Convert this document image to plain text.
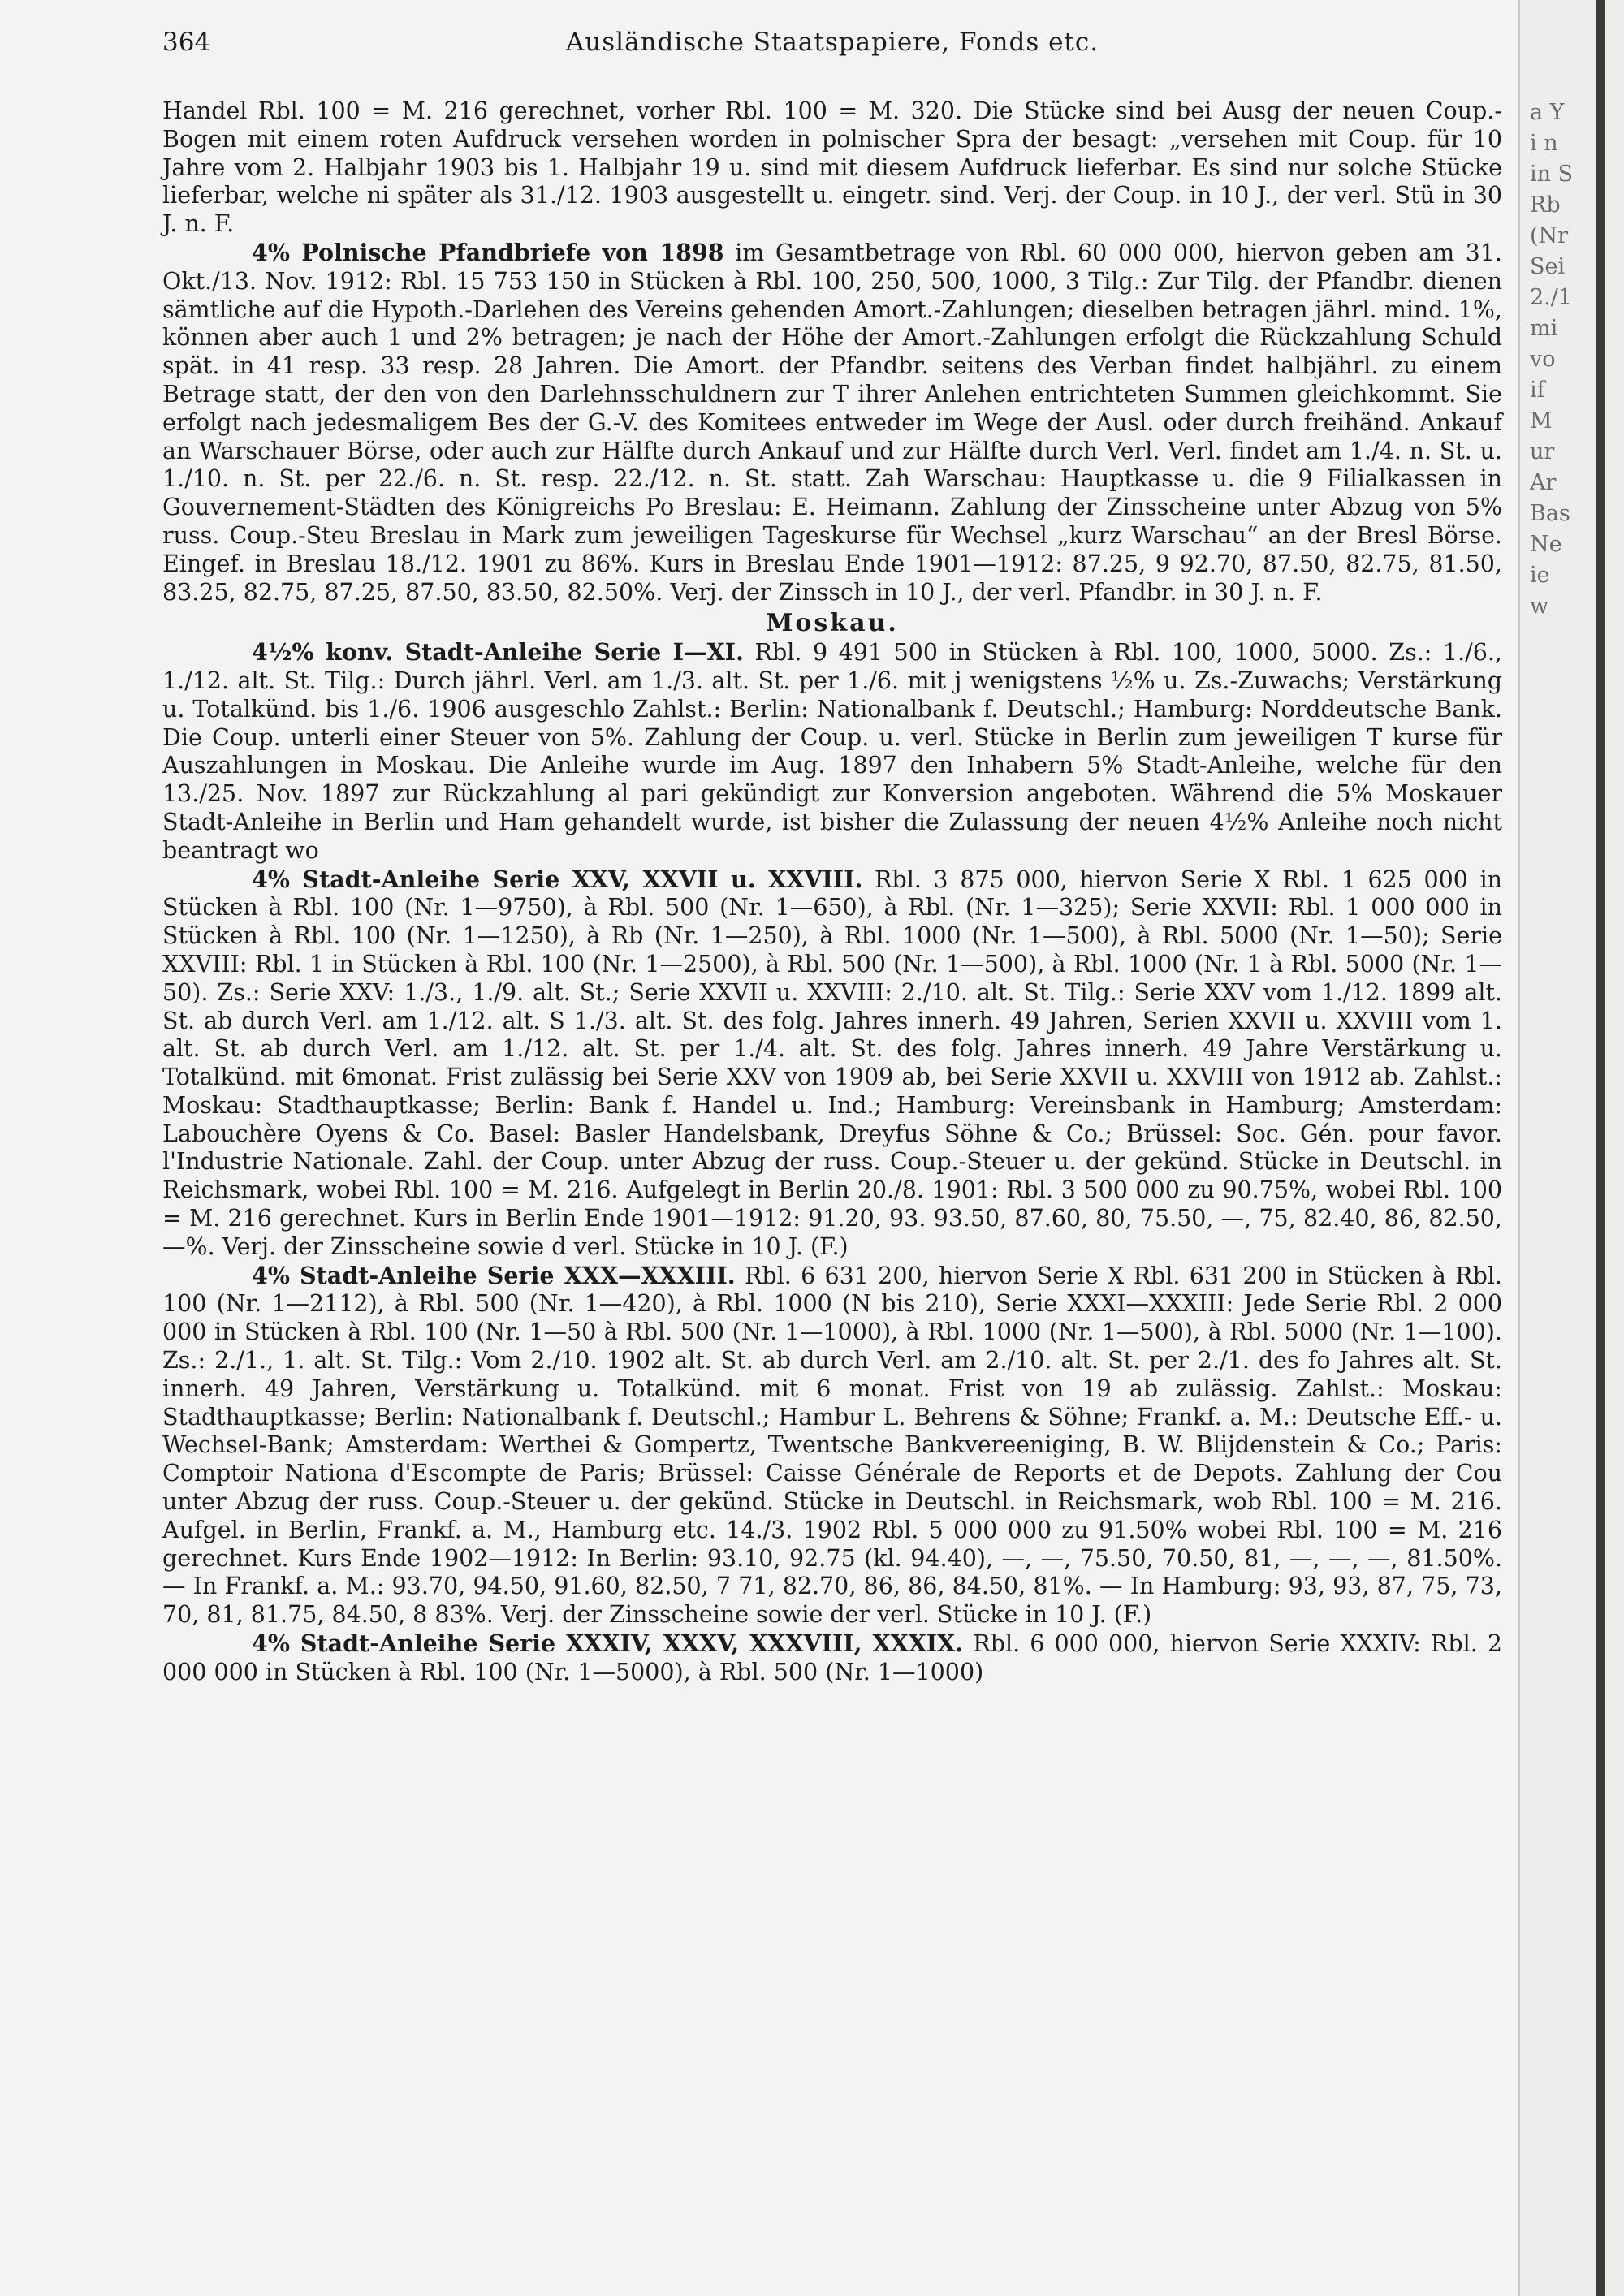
a Y
i n
in S
Rb
(Nr
Sei
2./1
mi
vo
if
M
ur
Ar
Bas
Ne
ie
w
364	Ausländische Staatspapiere, Fonds etc.

Handel Rbl. 100 = M. 216 gerechnet, vorher Rbl. 100 = M. 320. Die Stücke sind bei Ausg der neuen Coup.-Bogen mit einem roten Aufdruck versehen worden in polnischer Spra der besagt: „versehen mit Coup. für 10 Jahre vom 2. Halbjahr 1903 bis 1. Halbjahr 19 u. sind mit diesem Aufdruck lieferbar. Es sind nur solche Stücke lieferbar, welche ni später als 31./12. 1903 ausgestellt u. eingetr. sind. Verj. der Coup. in 10 J., der verl. Stü in 30 J. n. F.

4% Polnische Pfandbriefe von 1898 im Gesamtbetrage von Rbl. 60 000 000, hiervon geben am 31. Okt./13. Nov. 1912: Rbl. 15 753 150 in Stücken à Rbl. 100, 250, 500, 1000, 3 Tilg.: Zur Tilg. der Pfandbr. dienen sämtliche auf die Hypoth.-Darlehen des Vereins gehenden Amort.-Zahlungen; dieselben betragen jährl. mind. 1%, können aber auch 1 und 2% betragen; je nach der Höhe der Amort.-Zahlungen erfolgt die Rückzahlung Schuld spät. in 41 resp. 33 resp. 28 Jahren. Die Amort. der Pfandbr. seitens des Verban findet halbjährl. zu einem Betrage statt, der den von den Darlehnsschuldnern zur T ihrer Anlehen entrichteten Summen gleichkommt. Sie erfolgt nach jedesmaligem Bes der G.-V. des Komitees entweder im Wege der Ausl. oder durch freihänd. Ankauf an Warschauer Börse, oder auch zur Hälfte durch Ankauf und zur Hälfte durch Verl. Verl. findet am 1./4. n. St. u. 1./10. n. St. per 22./6. n. St. resp. 22./12. n. St. statt. Zah Warschau: Hauptkasse u. die 9 Filialkassen in Gouvernement-Städten des Königreichs Po Breslau: E. Heimann. Zahlung der Zinsscheine unter Abzug von 5% russ. Coup.-Steu Breslau in Mark zum jeweiligen Tageskurse für Wechsel „kurz Warschau“ an der Bresl Börse. Eingef. in Breslau 18./12. 1901 zu 86%. Kurs in Breslau Ende 1901—1912: 87.25, 9 92.70, 87.50, 82.75, 81.50, 83.25, 82.75, 87.25, 87.50, 83.50, 82.50%. Verj. der Zinssch in 10 J., der verl. Pfandbr. in 30 J. n. F.

Moskau.

4½% konv. Stadt-Anleihe Serie I—XI. Rbl. 9 491 500 in Stücken à Rbl. 100, 1000, 5000. Zs.: 1./6., 1./12. alt. St. Tilg.: Durch jährl. Verl. am 1./3. alt. St. per 1./6. mit j wenigstens ½% u. Zs.-Zuwachs; Verstärkung u. Totalkünd. bis 1./6. 1906 ausgeschlo Zahlst.: Berlin: Nationalbank f. Deutschl.; Hamburg: Norddeutsche Bank. Die Coup. unterli einer Steuer von 5%. Zahlung der Coup. u. verl. Stücke in Berlin zum jeweiligen T kurse für Auszahlungen in Moskau. Die Anleihe wurde im Aug. 1897 den Inhabern 5% Stadt-Anleihe, welche für den 13./25. Nov. 1897 zur Rückzahlung al pari gekündigt zur Konversion angeboten. Während die 5% Moskauer Stadt-Anleihe in Berlin und Ham gehandelt wurde, ist bisher die Zulassung der neuen 4½% Anleihe noch nicht beantragt wo

4% Stadt-Anleihe Serie XXV, XXVII u. XXVIII. Rbl. 3 875 000, hiervon Serie X Rbl. 1 625 000 in Stücken à Rbl. 100 (Nr. 1—9750), à Rbl. 500 (Nr. 1—650), à Rbl. (Nr. 1—325); Serie XXVII: Rbl. 1 000 000 in Stücken à Rbl. 100 (Nr. 1—1250), à Rb (Nr. 1—250), à Rbl. 1000 (Nr. 1—500), à Rbl. 5000 (Nr. 1—50); Serie XXVIII: Rbl. 1 in Stücken à Rbl. 100 (Nr. 1—2500), à Rbl. 500 (Nr. 1—500), à Rbl. 1000 (Nr. 1 à Rbl. 5000 (Nr. 1—50). Zs.: Serie XXV: 1./3., 1./9. alt. St.; Serie XXVII u. XXVIII: 2./10. alt. St. Tilg.: Serie XXV vom 1./12. 1899 alt. St. ab durch Verl. am 1./12. alt. S 1./3. alt. St. des folg. Jahres innerh. 49 Jahren, Serien XXVII u. XXVIII vom 1. alt. St. ab durch Verl. am 1./12. alt. St. per 1./4. alt. St. des folg. Jahres innerh. 49 Jahre Verstärkung u. Totalkünd. mit 6monat. Frist zulässig bei Serie XXV von 1909 ab, bei Serie XXVII u. XXVIII von 1912 ab. Zahlst.: Moskau: Stadthauptkasse; Berlin: Bank f. Handel u. Ind.; Hamburg: Vereinsbank in Hamburg; Amsterdam: Labouchère Oyens & Co. Basel: Basler Handelsbank, Dreyfus Söhne & Co.; Brüssel: Soc. Gén. pour favor. l'Industrie Nationale. Zahl. der Coup. unter Abzug der russ. Coup.-Steuer u. der gekünd. Stücke in Deutschl. in Reichsmark, wobei Rbl. 100 = M. 216. Aufgelegt in Berlin 20./8. 1901: Rbl. 3 500 000 zu 90.75%, wobei Rbl. 100 = M. 216 gerechnet. Kurs in Berlin Ende 1901—1912: 91.20, 93. 93.50, 87.60, 80, 75.50, —, 75, 82.40, 86, 82.50, —%. Verj. der Zinsscheine sowie d verl. Stücke in 10 J. (F.)

4% Stadt-Anleihe Serie XXX—XXXIII. Rbl. 6 631 200, hiervon Serie X Rbl. 631 200 in Stücken à Rbl. 100 (Nr. 1—2112), à Rbl. 500 (Nr. 1—420), à Rbl. 1000 (N bis 210), Serie XXXI—XXXIII: Jede Serie Rbl. 2 000 000 in Stücken à Rbl. 100 (Nr. 1—50 à Rbl. 500 (Nr. 1—1000), à Rbl. 1000 (Nr. 1—500), à Rbl. 5000 (Nr. 1—100). Zs.: 2./1., 1. alt. St. Tilg.: Vom 2./10. 1902 alt. St. ab durch Verl. am 2./10. alt. St. per 2./1. des fo Jahres alt. St. innerh. 49 Jahren, Verstärkung u. Totalkünd. mit 6 monat. Frist von 19 ab zulässig. Zahlst.: Moskau: Stadthauptkasse; Berlin: Nationalbank f. Deutschl.; Hambur L. Behrens & Söhne; Frankf. a. M.: Deutsche Eff.- u. Wechsel-Bank; Amsterdam: Werthei & Gompertz, Twentsche Bankvereeniging, B. W. Blijdenstein & Co.; Paris: Comptoir Nationa d'Escompte de Paris; Brüssel: Caisse Générale de Reports et de Depots. Zahlung der Cou unter Abzug der russ. Coup.-Steuer u. der gekünd. Stücke in Deutschl. in Reichsmark, wob Rbl. 100 = M. 216. Aufgel. in Berlin, Frankf. a. M., Hamburg etc. 14./3. 1902 Rbl. 5 000 000 zu 91.50% wobei Rbl. 100 = M. 216 gerechnet. Kurs Ende 1902—1912: In Berlin: 93.10, 92.75 (kl. 94.40), —, —, 75.50, 70.50, 81, —, —, —, 81.50%. — In Frankf. a. M.: 93.70, 94.50, 91.60, 82.50, 7 71, 82.70, 86, 86, 84.50, 81%. — In Hamburg: 93, 93, 87, 75, 73, 70, 81, 81.75, 84.50, 8 83%. Verj. der Zinsscheine sowie der verl. Stücke in 10 J. (F.)

4% Stadt-Anleihe Serie XXXIV, XXXV, XXXVIII, XXXIX. Rbl. 6 000 000, hiervon Serie XXXIV: Rbl. 2 000 000 in Stücken à Rbl. 100 (Nr. 1—5000), à Rbl. 500 (Nr. 1—1000)
